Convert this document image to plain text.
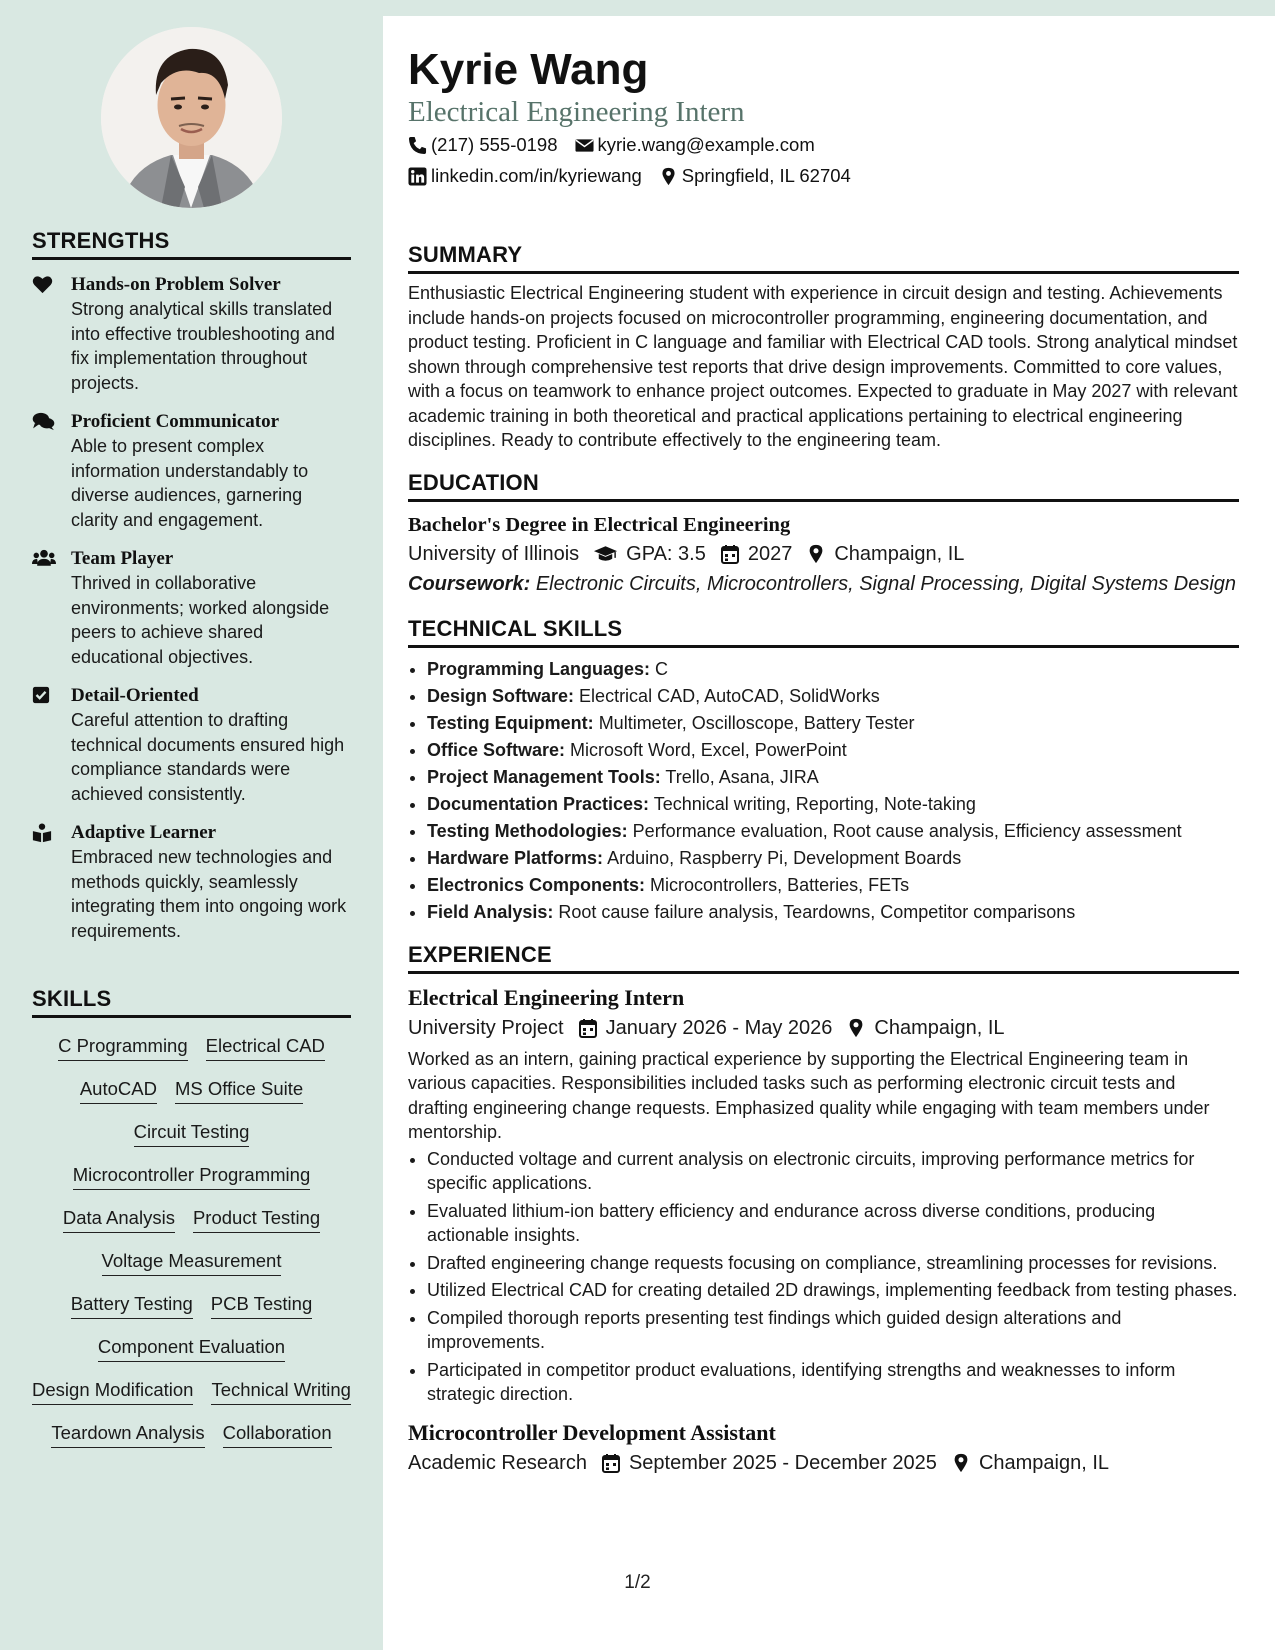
STRENGTHS
Hands-on Problem Solver
Strong analytical skills translated into effective troubleshooting and fix implementation throughout projects.
Proficient Communicator
Able to present complex information understandably to diverse audiences, garnering clarity and engagement.
Team Player
Thrived in collaborative environments; worked alongside peers to achieve shared educational objectives.
Detail-Oriented
Careful attention to drafting technical documents ensured high compliance standards were achieved consistently.
Adaptive Learner
Embraced new technologies and methods quickly, seamlessly integrating them into ongoing work requirements.
SKILLS
C Programming Electrical CAD
AutoCAD MS Office Suite
Circuit Testing
Microcontroller Programming
Data Analysis Product Testing
Voltage Measurement
Battery Testing PCB Testing
Component Evaluation
Design Modification Technical Writing
Teardown Analysis Collaboration
Kyrie Wang
Electrical Engineering Intern
(217) 555-0198 kyrie.wang@example.com
linkedin.com/in/kyriewang Springfield, IL 62704
SUMMARY

Enthusiastic Electrical Engineering student with experience in circuit design and testing. Achievements include hands-on projects focused on microcontroller programming, engineering documentation, and product testing. Proficient in C language and familiar with Electrical CAD tools. Strong analytical mindset shown through comprehensive test reports that drive design improvements. Committed to core values, with a focus on teamwork to enhance project outcomes. Expected to graduate in May 2027 with relevant academic training in both theoretical and practical applications pertaining to electrical engineering disciplines. Ready to contribute effectively to the engineering team.

EDUCATION
Bachelor's Degree in Electrical Engineering
University of Illinois GPA: 3.5 2027 Champaign, IL
Coursework: Electronic Circuits, Microcontrollers, Signal Processing, Digital Systems Design
TECHNICAL SKILLS
• Programming Languages: C
• Design Software: Electrical CAD, AutoCAD, SolidWorks
• Testing Equipment: Multimeter, Oscilloscope, Battery Tester
• Office Software: Microsoft Word, Excel, PowerPoint
• Project Management Tools: Trello, Asana, JIRA
• Documentation Practices: Technical writing, Reporting, Note-taking
• Testing Methodologies: Performance evaluation, Root cause analysis, Efficiency assessment
• Hardware Platforms: Arduino, Raspberry Pi, Development Boards
• Electronics Components: Microcontrollers, Batteries, FETs
• Field Analysis: Root cause failure analysis, Teardowns, Competitor comparisons
EXPERIENCE
Electrical Engineering Intern
University Project January 2026 - May 2026 Champaign, IL

Worked as an intern, gaining practical experience by supporting the Electrical Engineering team in various capacities. Responsibilities included tasks such as performing electronic circuit tests and drafting engineering change requests. Emphasized quality while engaging with team members under mentorship.

• Conducted voltage and current analysis on electronic circuits, improving performance metrics for specific applications.
• Evaluated lithium-ion battery efficiency and endurance across diverse conditions, producing actionable insights.
• Drafted engineering change requests focusing on compliance, streamlining processes for revisions.
• Utilized Electrical CAD for creating detailed 2D drawings, implementing feedback from testing phases.
• Compiled thorough reports presenting test findings which guided design alterations and improvements.
• Participated in competitor product evaluations, identifying strengths and weaknesses to inform strategic direction.
Microcontroller Development Assistant
Academic Research September 2025 - December 2025 Champaign, IL
1/2
